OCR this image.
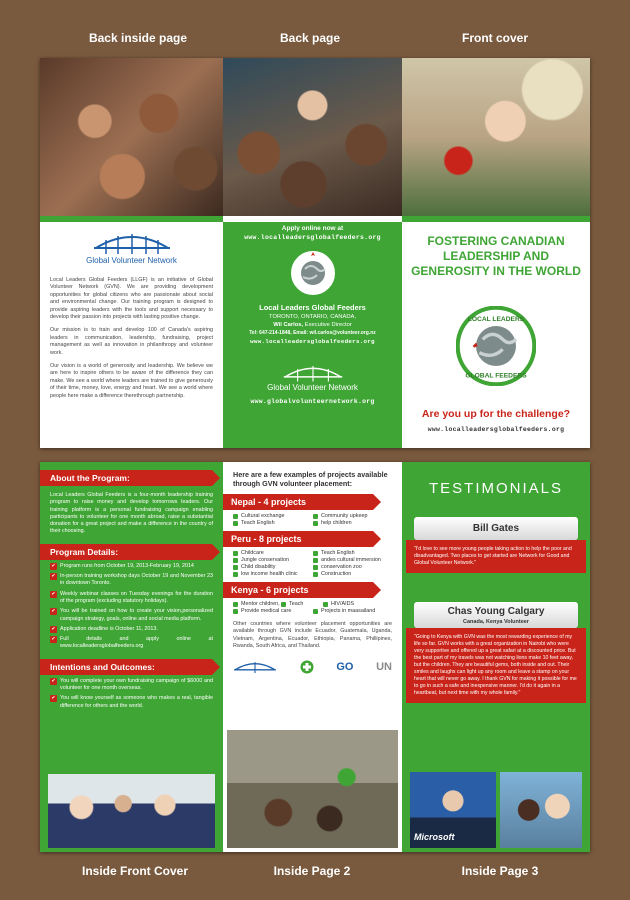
Back inside page	Back page	Front cover
Global Volunteer Network

Local Leaders Global Feeders (LLGF) is an initiative of Global Volunteer Network (GVN). We are providing development opportunities for global citizens who are passionate about social and environmental change. Our training program is designed to provide aspiring leaders with the tools and support necessary to develop their passion into projects with lasting positive change.

Our mission is to train and develop 100 of Canada's aspiring leaders in communication, leadership, fundraising, project management as well as innovation in philanthropy and volunteer work.

Our vision is a world of generosity and leadership. We believe we are here to inspire others to be aware of the difference they can make. We see a world where leaders are trained to give generously of their time, money, love, energy and heart. We see a world where people here make a difference therethrough partnership.

Apply online now at
www.localleadersglobalfeeders.org
Local Leaders Global Feeders
TORONTO, ONTARIO, CANADA,
Wil Carlos, Executive Director
Tel: 647-214-1848, Email: wil.carlos@volunteer.org.nz
www.localleadersglobalfeeders.org
Global Volunteer Network
www.globalvolunteernetwork.org
FOSTERING CANADIAN LEADERSHIP AND GENEROSITY IN THE WORLD
LOCAL LEADERS
GLOBAL FEEDERS
Are you up for the challenge?
www.localleadersglobalfeeders.org
About the Program:

Local Leaders Global Feeders is a four-month leadership training program to raise money and develop tomorrows leaders. Our training platform is a personal fundraising campaign enabling participants to volunteer for one month abroad, raise a substantial donation for a great project and make a difference in the country of their choosing.

Program Details:
✔ Program runs from October 19, 2013-February 19, 2014
✔ In-person training workshop days October 19 and November 23 in downtown Toronto.
✔ Weekly webinar classes on Tuesday evenings for the duration of the program (excluding statutory holidays).
✔ You will be trained on how to create your vision,personalized campaign strategy, goals, online and social media platform.
✔ Application deadline is October 11, 2013.
✔ Full details and apply online at www.localleadersglobalfeeders.org
Intentions and Outcomes:
✔ You will complete your own fundraising campaign of $6000 and volunteer for one month overseas.
✔ You will know yourself as someone who makes a real, tangible difference for others and the world.

Here are a few examples of projects available through GVN volunteer placement:

Nepal - 4 projects
Cultural exchange	Community upkeep
Teach English	help children
Peru - 8 projects
Childcare	Teach English
Jungle conservation	andes cultural immersion
Child disability	conservation zoo
low income health clinic	Construction
Kenya - 6 projects
Mentor children,	Teach	HIV/AIDS
Provide medical care	Projects in maasailand

Other countries where volunteer placement opportunities are available through GVN include Ecuador, Guatemala, Uganda, Vietnam, Argentina, Ecuador, Ethiopia, Panama, Phillipines, Rwanda, South Africa, and Thailand.

GO UN
TESTIMONIALS
Bill Gates
"I'd love to see more young people taking action to help the poor and disadvantaged. Two places to get started are Network for Good and Global Volunteer Network."
Chas Young Calgary
Canada, Kenya Volunteer
"Going to Kenya with GVN was the most rewarding experience of my life so far. GVN works with a great organization in Nairobi who were very supportive and offered up a great safari at a discounted price. But the best part of my travels was not watching lions make 10 feet away, but the children. They are beautiful gems, both inside and out. Their smiles and laughs can light up any room and leave a stamp on your heart that will never go away. I thank GVN for making it possible for me to go in such a safe and inexpensive manner. I'd do it again in a heartbeat, but next time with my whole family."
Microsoft
Inside Front Cover	Inside Page 2	Inside Page 3
